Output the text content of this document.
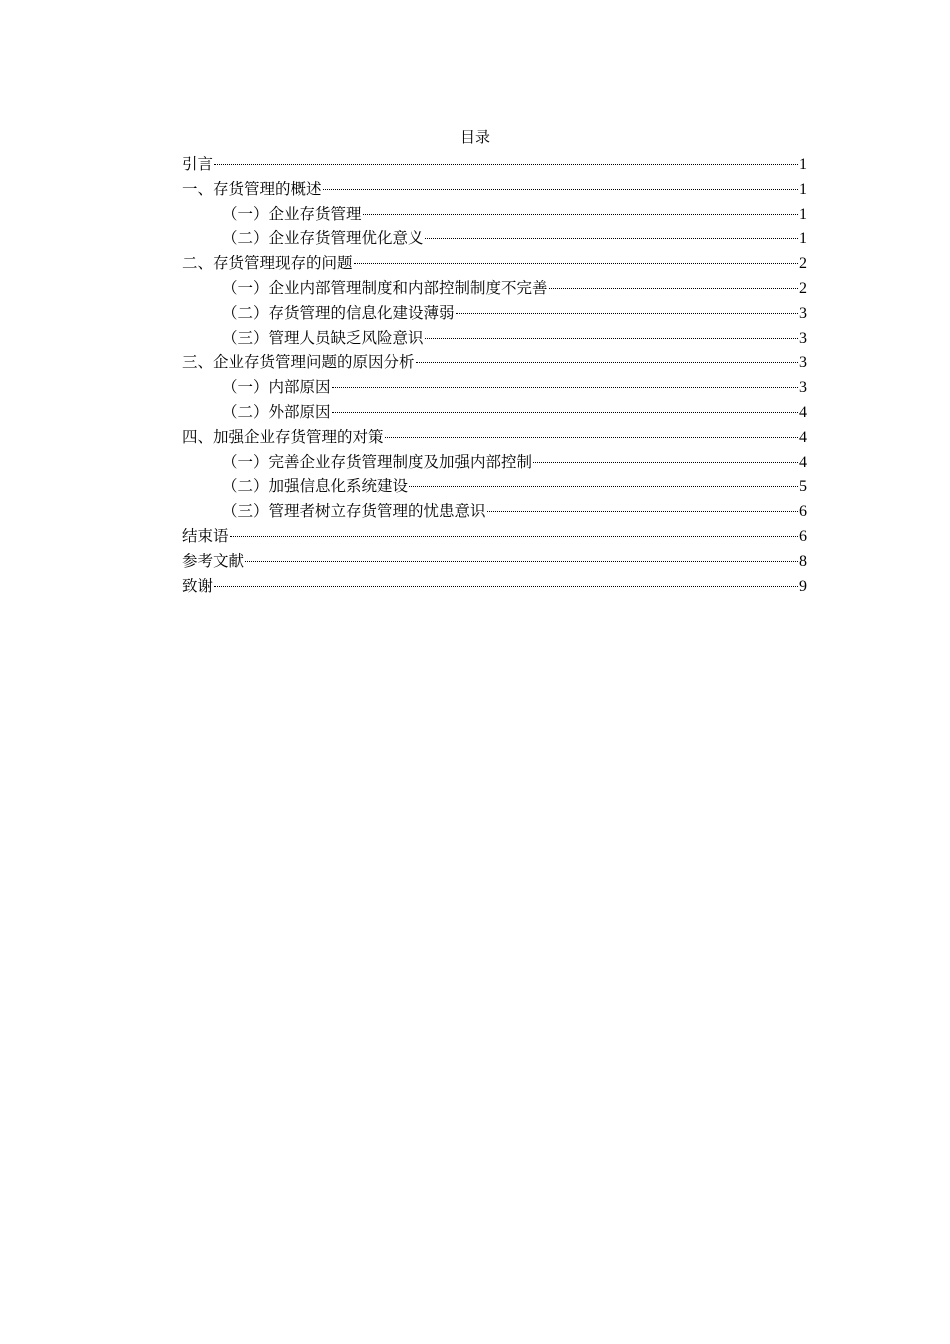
目录
引言	1
一、存货管理的概述	1
（一）企业存货管理	1
（二）企业存货管理优化意义	1
二、存货管理现存的问题	2
（一）企业内部管理制度和内部控制制度不完善	2
（二）存货管理的信息化建设薄弱	3
（三）管理人员缺乏风险意识	3
三、企业存货管理问题的原因分析	3
（一）内部原因	3
（二）外部原因	4
四、加强企业存货管理的对策	4
（一）完善企业存货管理制度及加强内部控制	4
（二）加强信息化系统建设	5
（三）管理者树立存货管理的忧患意识	6
结束语	6
参考文献	8
致谢	9
